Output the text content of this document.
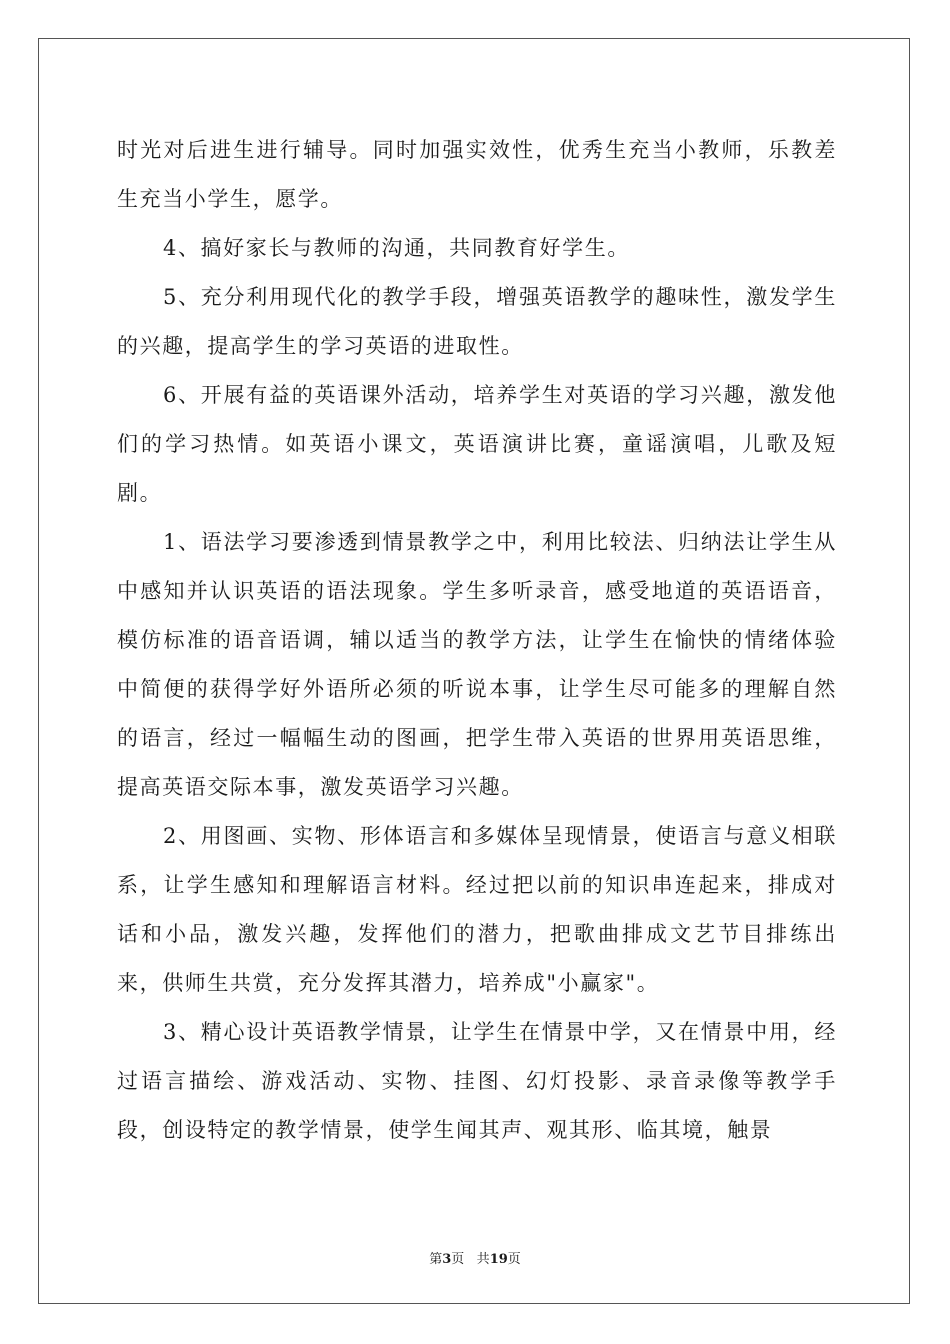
时光对后进生进行辅导。同时加强实效性，优秀生充当小教师，乐教差生充当小学生，愿学。

4、搞好家长与教师的沟通，共同教育好学生。

5、充分利用现代化的教学手段，增强英语教学的趣味性，激发学生的兴趣，提高学生的学习英语的进取性。

6、开展有益的英语课外活动，培养学生对英语的学习兴趣，激发他们的学习热情。如英语小课文，英语演讲比赛，童谣演唱，儿歌及短剧。

1、语法学习要渗透到情景教学之中，利用比较法、归纳法让学生从中感知并认识英语的语法现象。学生多听录音，感受地道的英语语音，模仿标准的语音语调，辅以适当的教学方法，让学生在愉快的情绪体验中简便的获得学好外语所必须的听说本事，让学生尽可能多的理解自然的语言，经过一幅幅生动的图画，把学生带入英语的世界用英语思维，提高英语交际本事，激发英语学习兴趣。

2、用图画、实物、形体语言和多媒体呈现情景，使语言与意义相联系，让学生感知和理解语言材料。经过把以前的知识串连起来，排成对话和小品，激发兴趣，发挥他们的潜力，把歌曲排成文艺节目排练出来，供师生共赏，充分发挥其潜力，培养成"小赢家"。

3、精心设计英语教学情景，让学生在情景中学，又在情景中用，经过语言描绘、游戏活动、实物、挂图、幻灯投影、录音录像等教学手段，创设特定的教学情景，使学生闻其声、观其形、临其境，触景

第3页 共19页
